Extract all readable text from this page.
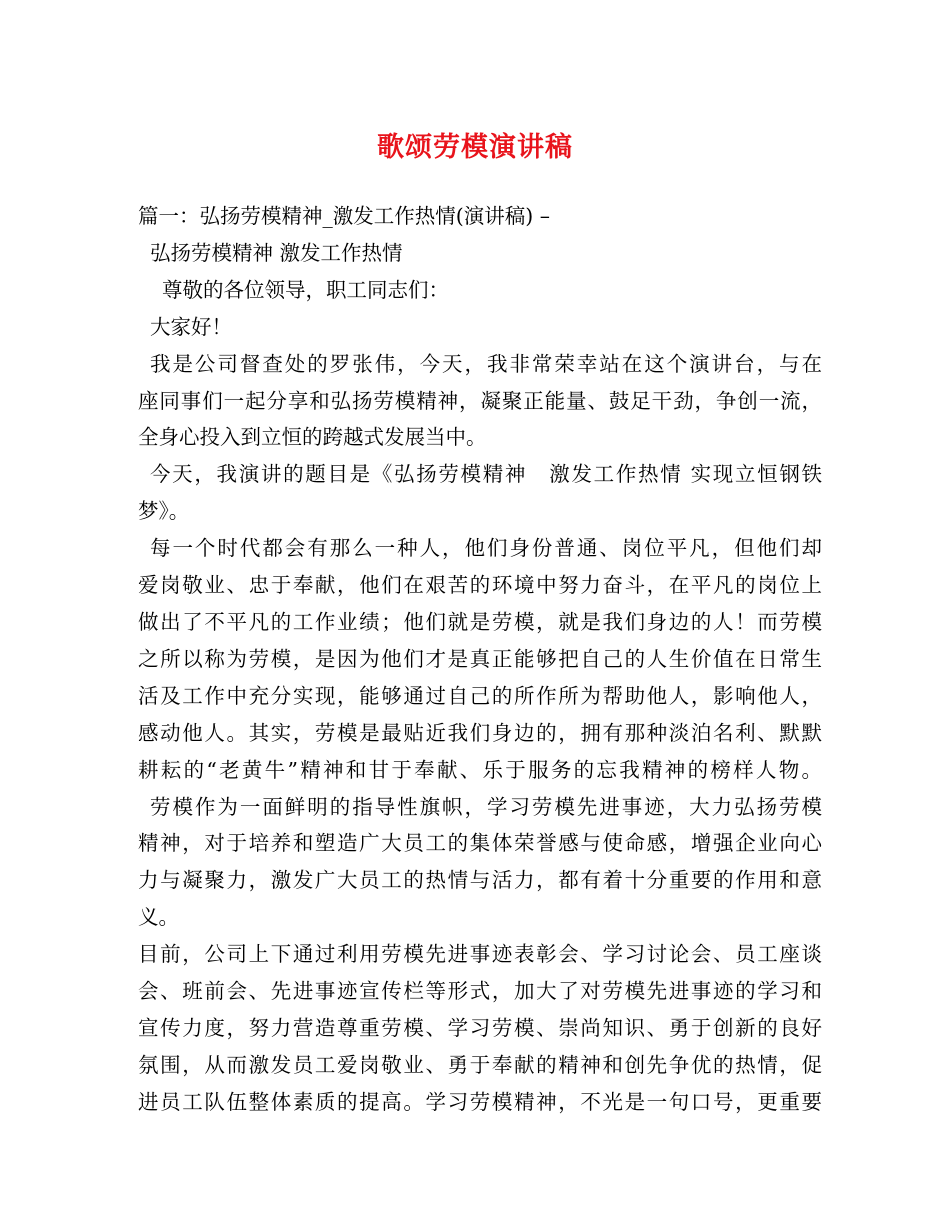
歌颂劳模演讲稿
篇一：弘扬劳模精神_激发工作热情(演讲稿) –
弘扬劳模精神 激发工作热情
尊敬的各位领导，职工同志们：
大家好！
我是公司督查处的罗张伟，今天，我非常荣幸站在这个演讲台，与在
座同事们一起分享和弘扬劳模精神，凝聚正能量、鼓足干劲，争创一流，
全身心投入到立恒的跨越式发展当中。
今天，我演讲的题目是《弘扬劳模精神　激发工作热情 实现立恒钢铁
梦》。
每一个时代都会有那么一种人，他们身份普通、岗位平凡，但他们却
爱岗敬业、忠于奉献，他们在艰苦的环境中努力奋斗，在平凡的岗位上
做出了不平凡的工作业绩；他们就是劳模，就是我们身边的人！而劳模
之所以称为劳模，是因为他们才是真正能够把自己的人生价值在日常生
活及工作中充分实现，能够通过自己的所作所为帮助他人，影响他人，
感动他人。其实，劳模是最贴近我们身边的，拥有那种淡泊名利、默默
耕耘的“老黄牛”精神和甘于奉献、乐于服务的忘我精神的榜样人物。
劳模作为一面鲜明的指导性旗帜，学习劳模先进事迹，大力弘扬劳模
精神，对于培养和塑造广大员工的集体荣誉感与使命感，增强企业向心
力与凝聚力，激发广大员工的热情与活力，都有着十分重要的作用和意
义。
目前，公司上下通过利用劳模先进事迹表彰会、学习讨论会、员工座谈
会、班前会、先进事迹宣传栏等形式，加大了对劳模先进事迹的学习和
宣传力度，努力营造尊重劳模、学习劳模、崇尚知识、勇于创新的良好
氛围，从而激发员工爱岗敬业、勇于奉献的精神和创先争优的热情，促
进员工队伍整体素质的提高。学习劳模精神，不光是一句口号，更重要
